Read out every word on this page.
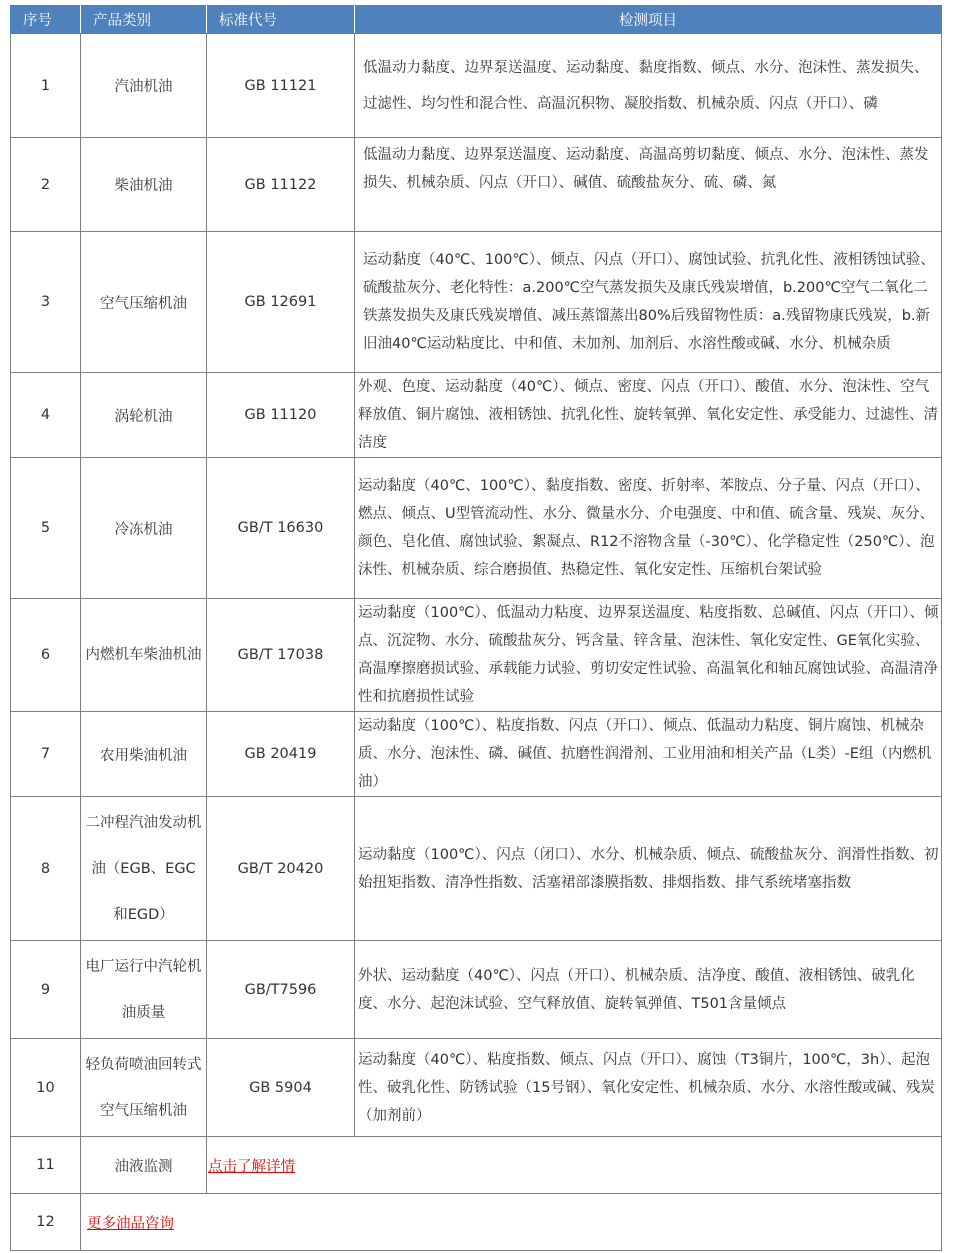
序号	产品类别	标准代号	检测项目
1	汽油机油	GB 11121	低温动力黏度、边界泵送温度、运动黏度、黏度指数、倾点、水分、泡沫性、蒸发损失、过滤性、均匀性和混合性、高温沉积物、凝胶指数、机械杂质、闪点（开口）、磷
2	柴油机油	GB 11122	低温动力黏度、边界泵送温度、运动黏度、高温高剪切黏度、倾点、水分、泡沫性、蒸发损失、机械杂质、闪点（开口）、碱值、硫酸盐灰分、硫、磷、氮
3	空气压缩机油	GB 12691	运动黏度（40℃、100℃）、倾点、闪点（开口）、腐蚀试验、抗乳化性、液相锈蚀试验、硫酸盐灰分、老化特性：a.200℃空气蒸发损失及康氏残炭增值，b.200℃空气二氧化二铁蒸发损失及康氏残炭增值、减压蒸馏蒸出80%后残留物性质：a.残留物康氏残炭，b.新旧油40℃运动粘度比、中和值、未加剂、加剂后、水溶性酸或碱、水分、机械杂质
4	涡轮机油	GB 11120	外观、色度、运动黏度（40℃）、倾点、密度、闪点（开口）、酸值、水分、泡沫性、空气释放值、铜片腐蚀、液相锈蚀、抗乳化性、旋转氧弹、氧化安定性、承受能力、过滤性、清洁度
5	冷冻机油	GB/T 16630	运动黏度（40℃、100℃）、黏度指数、密度、折射率、苯胺点、分子量、闪点（开口）、燃点、倾点、U型管流动性、水分、微量水分、介电强度、中和值、硫含量、残炭、灰分、颜色、皂化值、腐蚀试验、絮凝点、R12不溶物含量（-30℃）、化学稳定性（250℃）、泡沫性、机械杂质、综合磨损值、热稳定性、氧化安定性、压缩机台架试验
6	内燃机车柴油机油	GB/T 17038	运动黏度（100℃）、低温动力粘度、边界泵送温度、粘度指数、总碱值、闪点（开口）、倾点、沉淀物、水分、硫酸盐灰分、钙含量、锌含量、泡沫性、氧化安定性、GE氧化实验、高温摩擦磨损试验、承载能力试验、剪切安定性试验、高温氧化和轴瓦腐蚀试验、高温清净性和抗磨损性试验
7	农用柴油机油	GB 20419	运动黏度（100℃）、粘度指数、闪点（开口）、倾点、低温动力粘度、铜片腐蚀、机械杂质、水分、泡沫性、磷、碱值、抗磨性润滑剂、工业用油和相关产品（L类）-E组（内燃机油）
8	二冲程汽油发动机油（EGB、EGC和EGD）	GB/T 20420	运动黏度（100℃）、闪点（闭口）、水分、机械杂质、倾点、硫酸盐灰分、润滑性指数、初始扭矩指数、清净性指数、活塞裙部漆膜指数、排烟指数、排气系统堵塞指数
9	电厂运行中汽轮机油质量	GB/T7596	外状、运动黏度（40℃）、闪点（开口）、机械杂质、洁净度、酸值、液相锈蚀、破乳化度、水分、起泡沫试验、空气释放值、旋转氧弹值、T501含量倾点
10	轻负荷喷油回转式空气压缩机油	GB 5904	运动黏度（40℃）、粘度指数、倾点、闪点（开口）、腐蚀（T3铜片，100℃，3h）、起泡性、破乳化性、防锈试验（15号钢）、氧化安定性、机械杂质、水分、水溶性酸或碱、残炭（加剂前）
11	油液监测	点击了解详情	
12	更多油品咨询		
